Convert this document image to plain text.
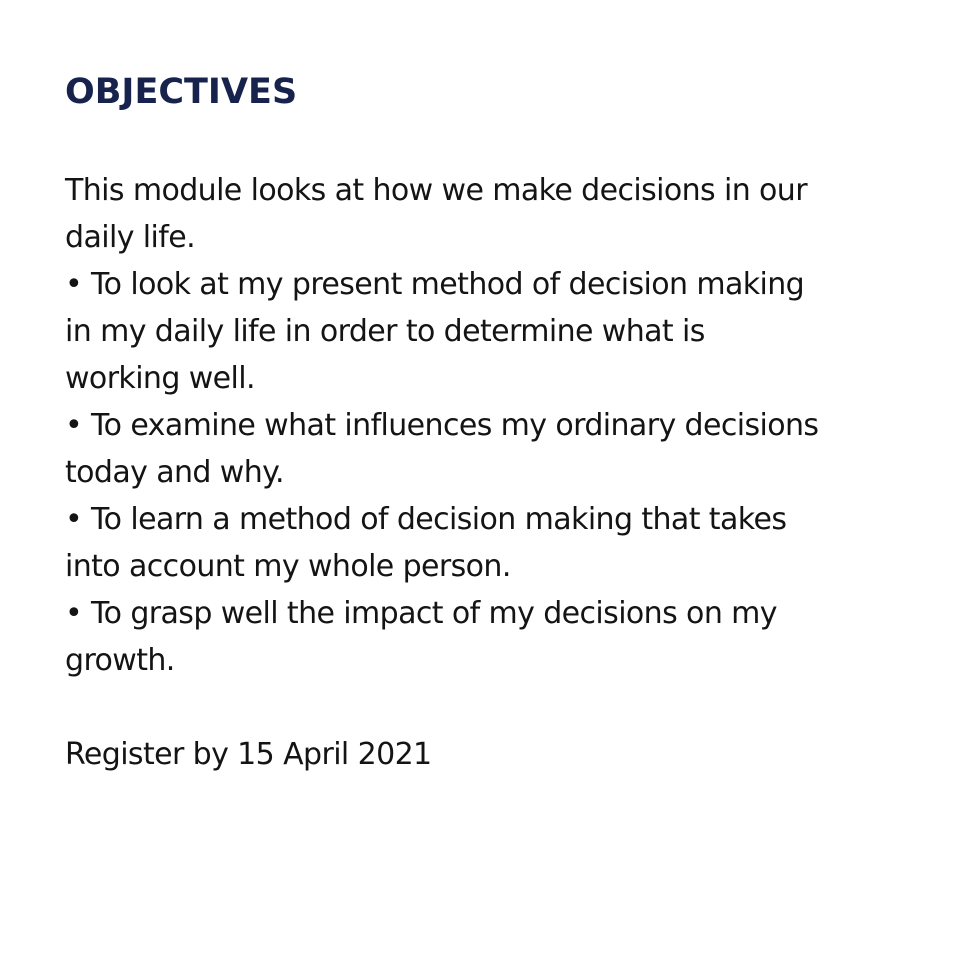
OBJECTIVES
This module looks at how we make decisions in our
daily life.
• To look at my present method of decision making
in my daily life in order to determine what is
working well.
• To examine what influences my ordinary decisions
today and why.
• To learn a method of decision making that takes
into account my whole person.
• To grasp well the impact of my decisions on my
growth.
Register by 15 April 2021
